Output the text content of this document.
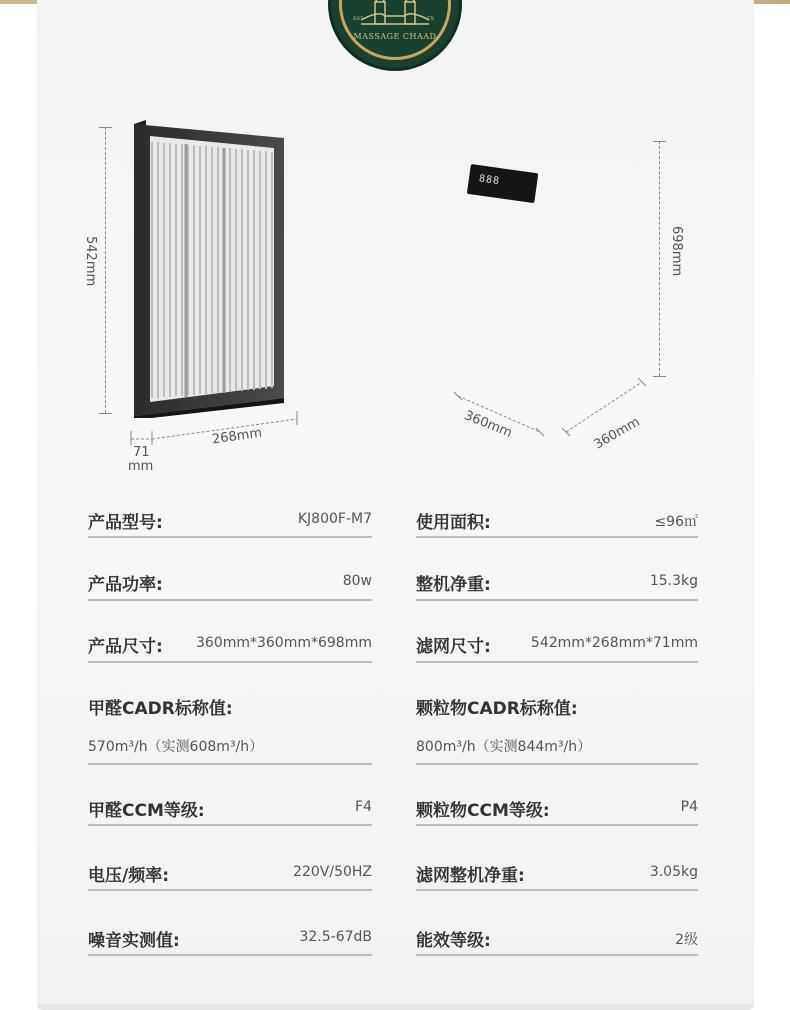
EST	TX
MASSAGE CHAAD
542mm
268mm
71
mm
888
698mm
360mm	360mm
产品型号:	KJ800F-M7	使用面积:	≤96㎡
产品功率:	80w	整机净重:	15.3kg
产品尺寸: 360mm*360mm*698mm	滤网尺寸:	542mm*268mm*71mm
甲醛CADR标称值:
570m³/h（实测608m³/h）
颗粒物CADR标称值:
800m³/h（实测844m³/h）
甲醛CCM等级:	F4	颗粒物CCM等级:	P4
电压/频率:	220V/50HZ	滤网整机净重:	3.05kg
噪音实测值:	32.5-67dB	能效等级:	2级
